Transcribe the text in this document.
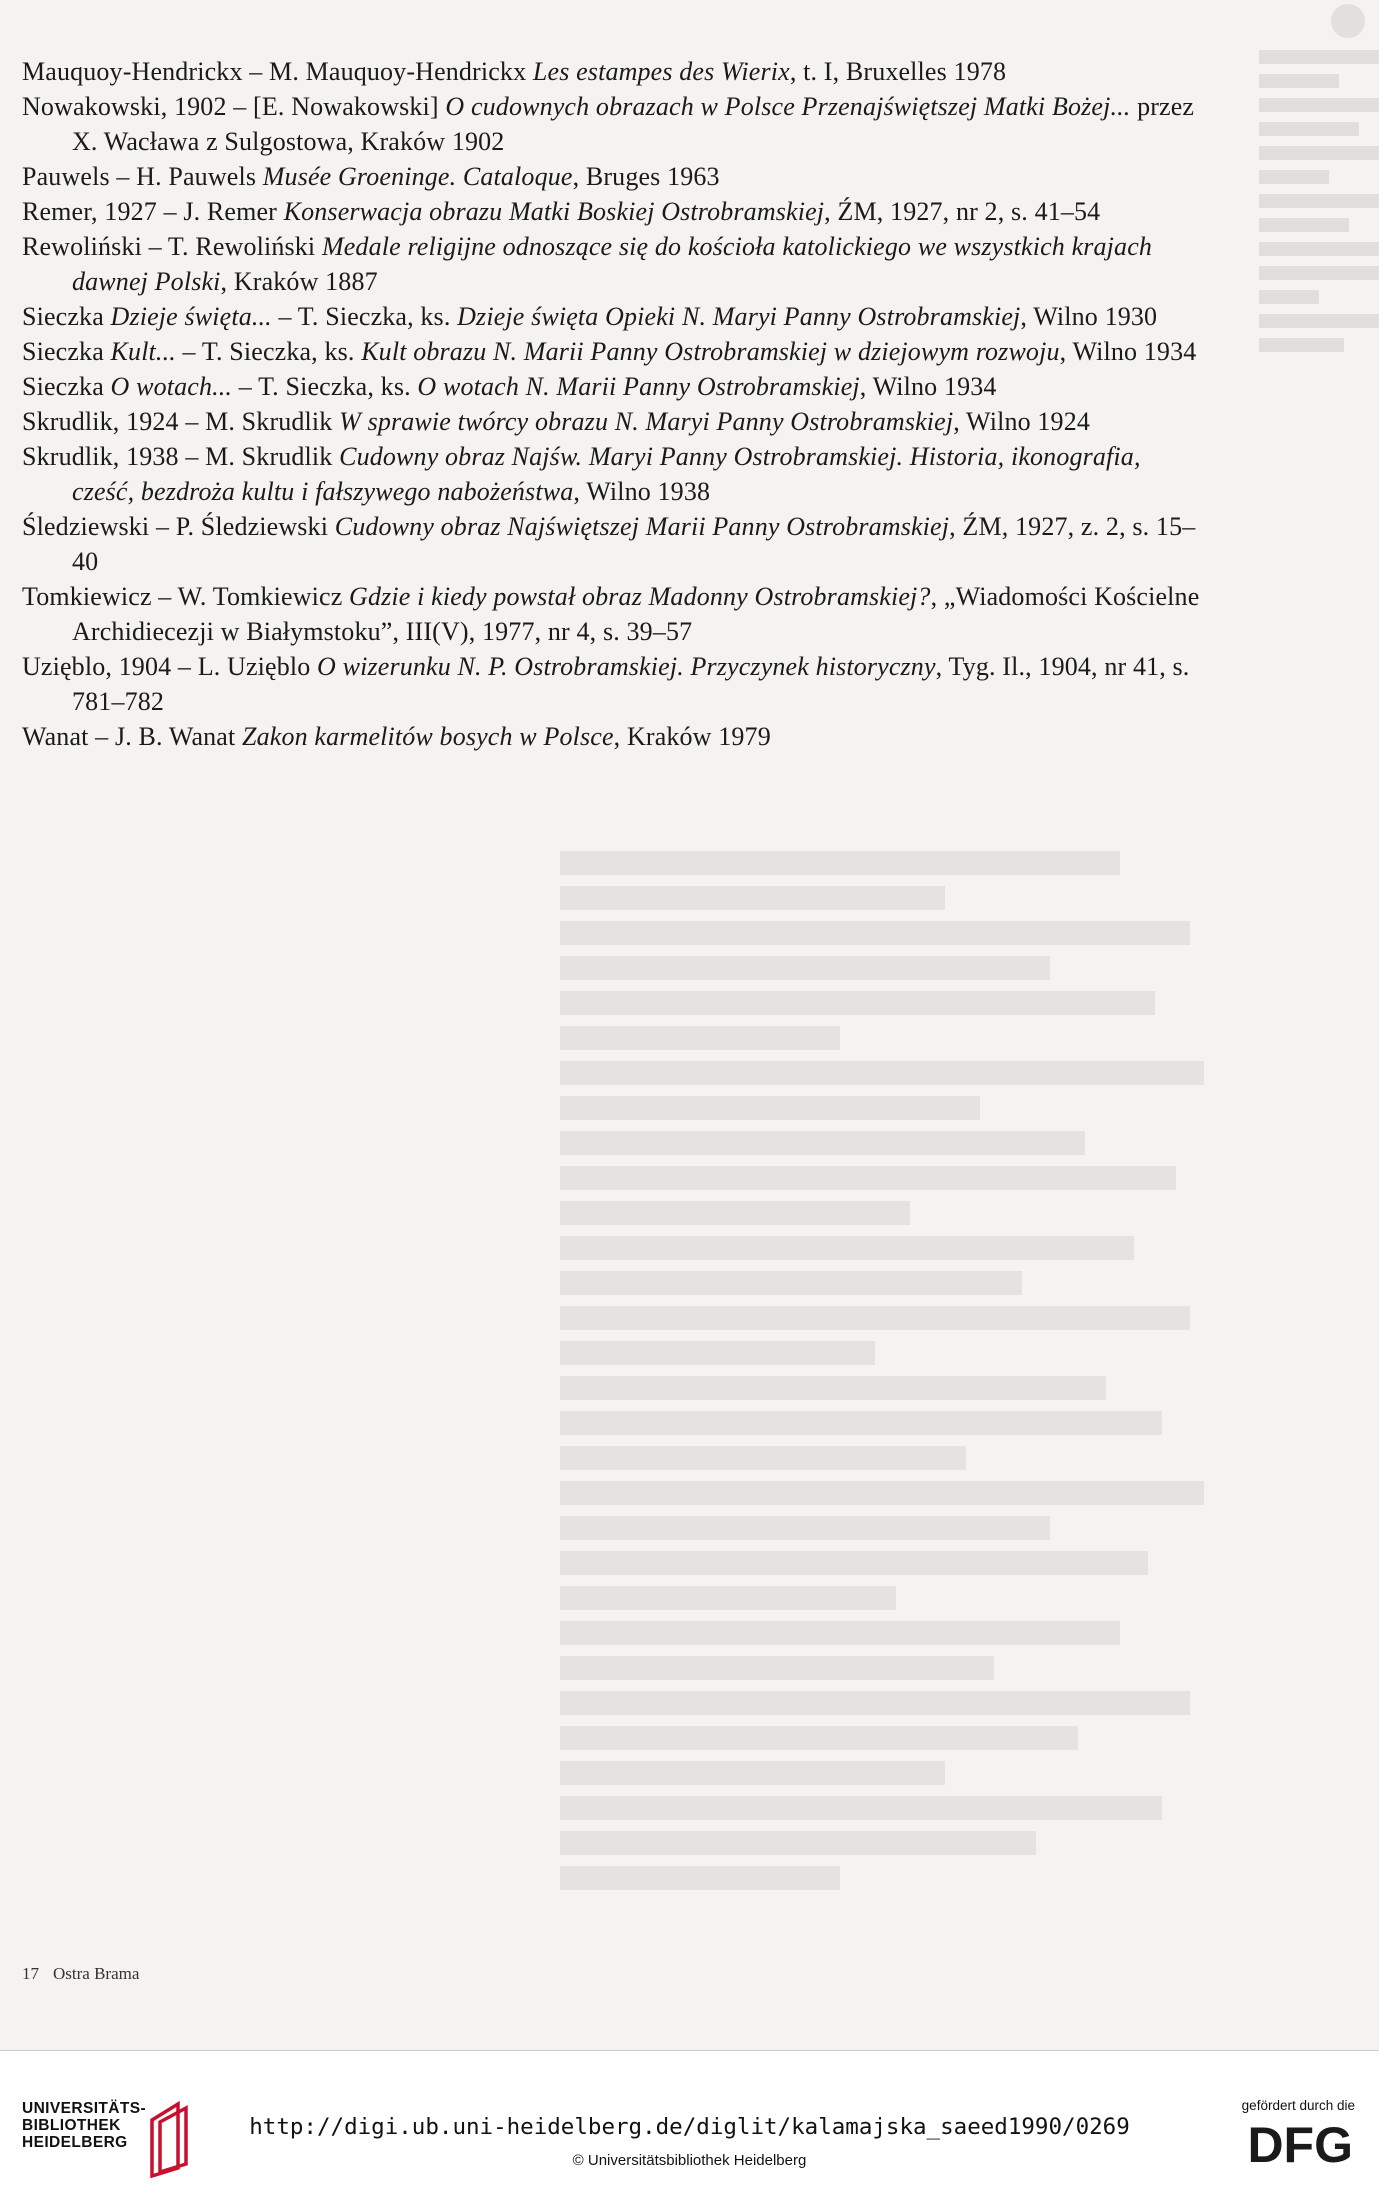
Mauquoy-Hendrickx – M. Mauquoy-Hendrickx Les estampes des Wierix, t. I, Bruxelles 1978

Nowakowski, 1902 – [E. Nowakowski] O cudownych obrazach w Polsce Przenajświętszej Matki Bożej... przez X. Wacława z Sulgostowa, Kraków 1902

Pauwels – H. Pauwels Musée Groeninge. Cataloque, Bruges 1963

Remer, 1927 – J. Remer Konserwacja obrazu Matki Boskiej Ostrobramskiej, ŹM, 1927, nr 2, s. 41–54

Rewoliński – T. Rewoliński Medale religijne odnoszące się do kościoła katolickiego we wszystkich krajach dawnej Polski, Kraków 1887

Sieczka Dzieje święta... – T. Sieczka, ks. Dzieje święta Opieki N. Maryi Panny Ostrobramskiej, Wilno 1930

Sieczka Kult... – T. Sieczka, ks. Kult obrazu N. Marii Panny Ostrobramskiej w dziejowym rozwoju, Wilno 1934

Sieczka O wotach... – T. Sieczka, ks. O wotach N. Marii Panny Ostrobramskiej, Wilno 1934

Skrudlik, 1924 – M. Skrudlik W sprawie twórcy obrazu N. Maryi Panny Ostrobramskiej, Wilno 1924

Skrudlik, 1938 – M. Skrudlik Cudowny obraz Najśw. Maryi Panny Ostrobramskiej. Historia, ikonografia, cześć, bezdroża kultu i fałszywego nabożeństwa, Wilno 1938

Śledziewski – P. Śledziewski Cudowny obraz Najświętszej Marii Panny Ostrobramskiej, ŹM, 1927, z. 2, s. 15–40

Tomkiewicz – W. Tomkiewicz Gdzie i kiedy powstał obraz Madonny Ostrobramskiej?, „Wiadomości Kościelne Archidiecezji w Białymstoku”, III(V), 1977, nr 4, s. 39–57

Uzięblo, 1904 – L. Uzięblo O wizerunku N. P. Ostrobramskiej. Przyczynek historyczny, Tyg. Il., 1904, nr 41, s. 781–782

Wanat – J. B. Wanat Zakon karmelitów bosych w Polsce, Kraków 1979

17 Ostra Brama
UNIVERSITÄTS-
BIBLIOTHEK
HEIDELBERG
http://digi.ub.uni-heidelberg.de/diglit/kalamajska_saeed1990/0269
© Universitätsbibliothek Heidelberg
gefördert durch die
DFG
